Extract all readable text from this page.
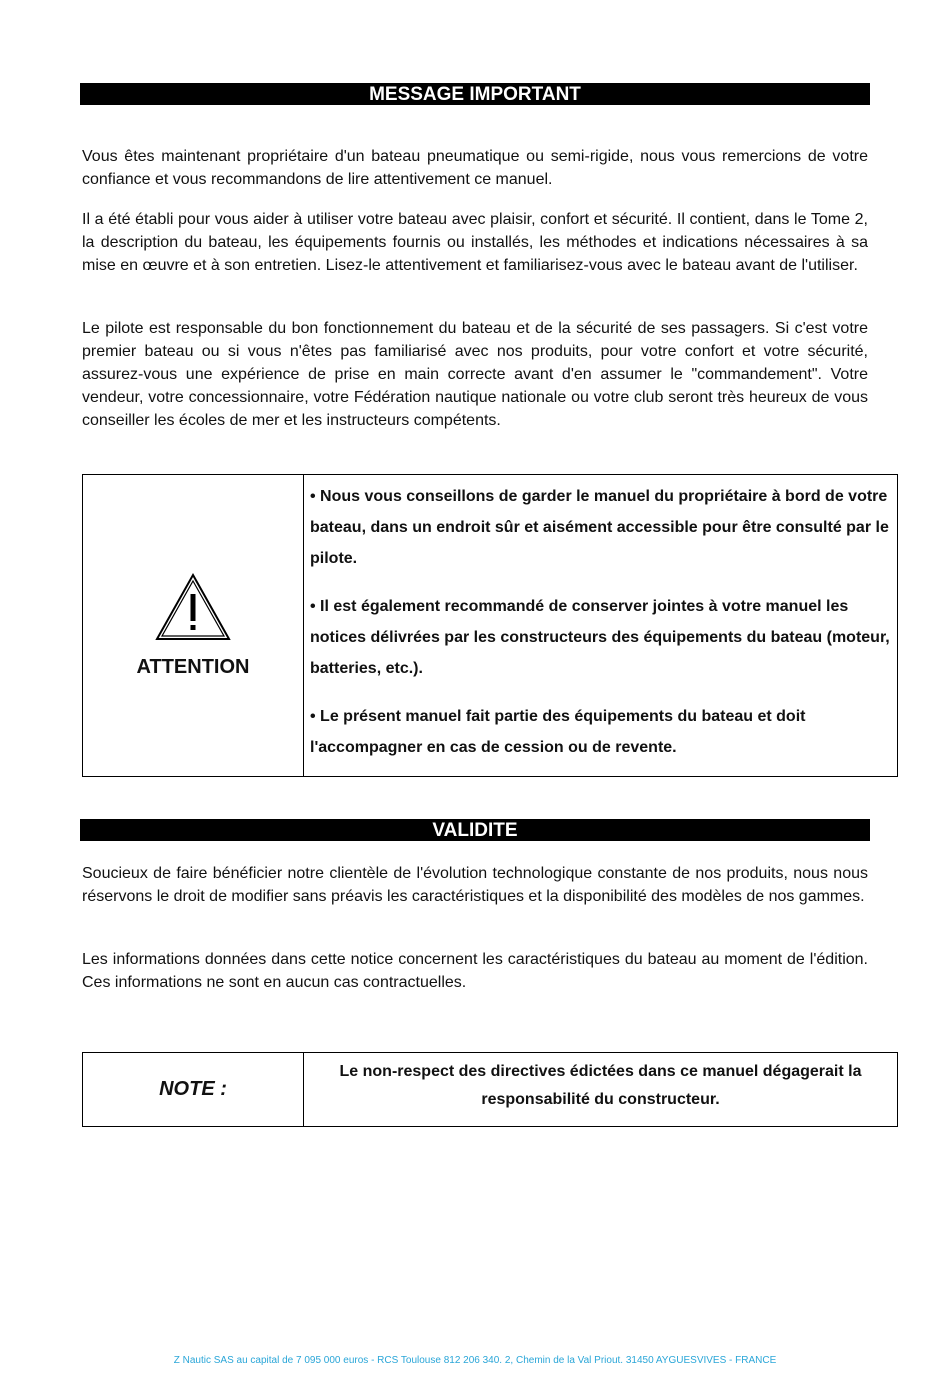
MESSAGE IMPORTANT

Vous êtes maintenant propriétaire d'un bateau pneumatique ou semi-rigide, nous vous remercions de votre confiance et vous recommandons de lire attentivement ce manuel.

Il a été établi pour vous aider à utiliser votre bateau avec plaisir, confort et sécurité. Il contient, dans le Tome 2, la description du bateau, les équipements fournis ou installés, les méthodes et indications nécessaires à sa mise en œuvre et à son entretien. Lisez-le attentivement et familiarisez-vous avec le bateau avant de l'utiliser.

Le pilote est responsable du bon fonctionnement du bateau et de la sécurité de ses passagers. Si c'est votre premier bateau ou si vous n'êtes pas familiarisé avec nos produits, pour votre confort et votre sécurité, assurez-vous une expérience de prise en main correcte avant d'en assumer le "commandement". Votre vendeur, votre concessionnaire, votre Fédération nautique nationale ou votre club seront très heureux de vous conseiller les écoles de mer et les instructeurs compétents.

ATTENTION

• Nous vous conseillons de garder le manuel du propriétaire à bord de votre bateau, dans un endroit sûr et aisément accessible pour être consulté par le pilote.

• Il est également recommandé de conserver jointes à votre manuel les notices délivrées par les constructeurs des équipements du bateau (moteur, batteries, etc.).

• Le présent manuel fait partie des équipements du bateau et doit l'accompagner en cas de cession ou de revente.

VALIDITE

Soucieux de faire bénéficier notre clientèle de l'évolution technologique constante de nos produits, nous nous réservons le droit de modifier sans préavis les caractéristiques et la disponibilité des modèles de nos gammes.

Les informations données dans cette notice concernent les caractéristiques du bateau au moment de l'édition. Ces informations ne sont en aucun cas contractuelles.

NOTE :
Le non-respect des directives édictées dans ce manuel dégagerait la responsabilité du constructeur.
Z Nautic SAS au capital de 7 095 000 euros - RCS Toulouse 812 206 340. 2, Chemin de la Val Priout. 31450 AYGUESVIVES - FRANCE
